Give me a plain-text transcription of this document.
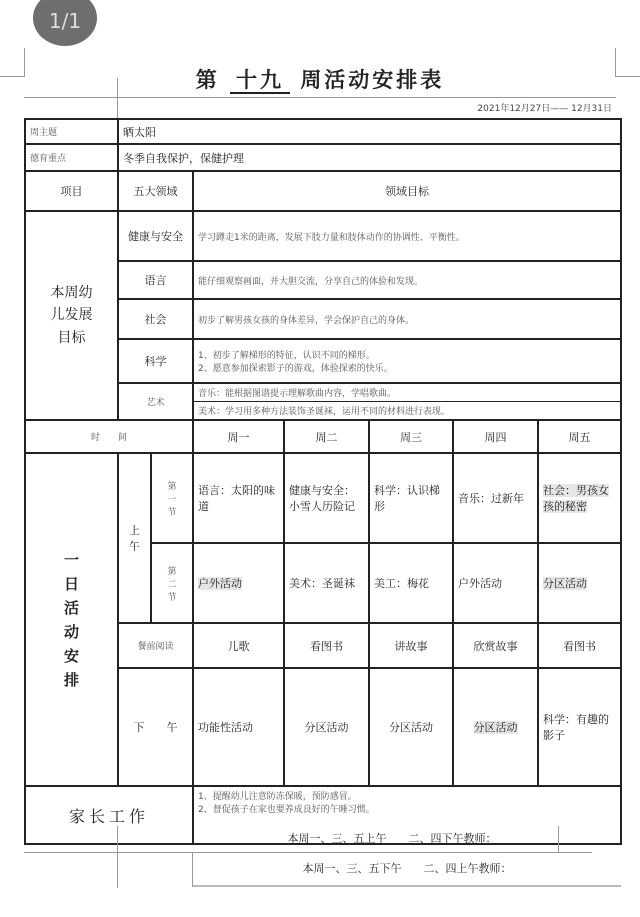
1/1
第 十九 周活动安排表
2021年12月27日—— 12月31日
周主题	晒太阳						
德育重点	冬季自我保护，保健护理						
项目	五大领域		领域目标				
本周幼儿发展目标	健康与安全		学习蹲走1米的距离，发展下肢力量和肢体动作的协调性、平衡性。				
	语言		能仔细观察画面，并大胆交流，分享自己的体验和发现。				
	社会		初步了解男孩女孩的身体差异，学会保护自己的身体。				
	科学		1、初步了解梯形的特征，认识不同的梯形。
2、愿意参加探索影子的游戏，体验探索的快乐。				

	艺术		音乐：能根据图谱提示理解歌曲内容，学唱歌曲。				
			美术：学习用多种方法装饰圣诞袜，运用不同的材料进行表现。				
时　　间			周一	周二	周三	周四	周五
一日活动安排	上午	第一节	语言：太阳的味道	健康与安全：小雪人历险记	科学：认识梯形	音乐：过新年	社会：男孩女孩的秘密
		第二节	户外活动	美术：圣诞袜	美工：梅花	户外活动	分区活动
	餐前阅读		儿歌	看图书	讲故事	欣赏故事	看图书
	下　　午		功能性活动	分区活动	分区活动	分区活动	科学：有趣的影子
家长工作			1、提醒幼儿注意防冻保暖，预防感冒。
2、督促孩子在家也要养成良好的午睡习惯。				
本周一、三、五上午　　二、四下午教师：
本周一、三、五下午　　二、四上午教师：
